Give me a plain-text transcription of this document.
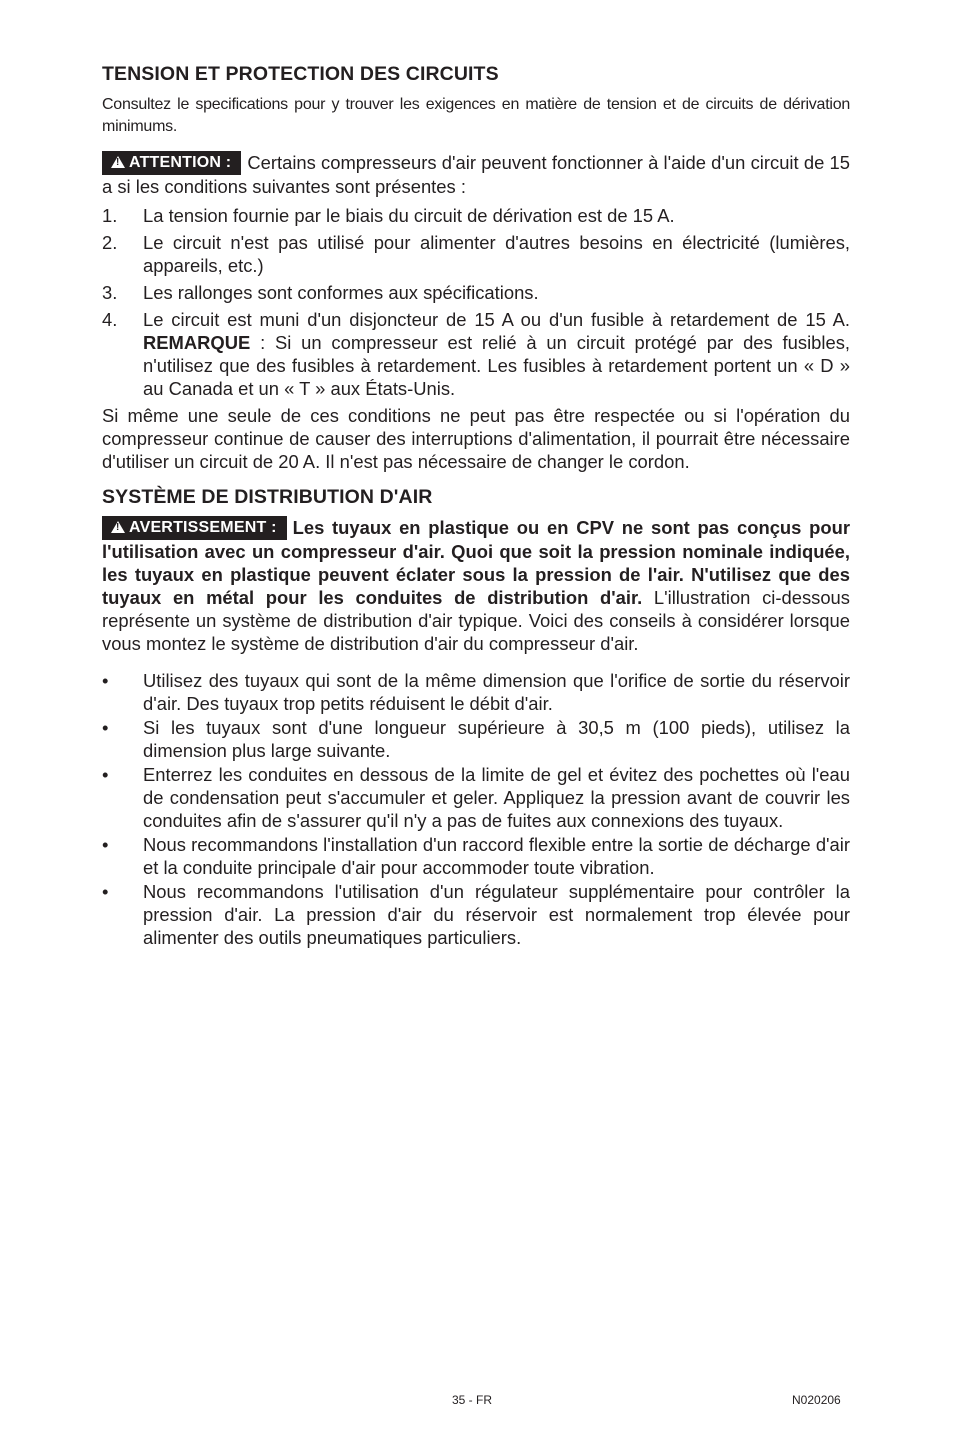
TENSION ET PROTECTION DES CIRCUITS

Consultez le specifications pour y trouver les exigences en matière de tension et de circuits de dérivation minimums.

!ATTENTION : Certains compresseurs d'air peuvent fonctionner à l'aide d'un circuit de 15 a si les conditions suivantes sont présentes :

1.	La tension fournie par le biais du circuit de dérivation est de 15 A.
2.	Le circuit n'est pas utilisé pour alimenter d'autres besoins en électricité (lumières, appareils, etc.)
3.	Les rallonges sont conformes aux spécifications.
4.	Le circuit est muni d'un disjoncteur de 15 A ou d'un fusible à retardement de 15 A. REMARQUE : Si un compresseur est relié à un circuit protégé par des fusibles, n'utilisez que des fusibles à retardement. Les fusibles à retardement portent un « D » au Canada et un « T » aux États-Unis.

Si même une seule de ces conditions ne peut pas être respectée ou si l'opération du compresseur continue de causer des interruptions d'alimentation, il pourrait être nécessaire d'utiliser un circuit de 20 A. Il n'est pas nécessaire de changer le cordon.

SYSTÈME DE DISTRIBUTION D'AIR

!AVERTISSEMENT : Les tuyaux en plastique ou en CPV ne sont pas conçus pour l'utilisation avec un compresseur d'air. Quoi que soit la pression nominale indiquée, les tuyaux en plastique peuvent éclater sous la pression de l'air. N'utilisez que des tuyaux en métal pour les conduites de distribution d'air. L'illustration ci-dessous représente un système de distribution d'air typique. Voici des conseils à considérer lorsque vous montez le système de distribution d'air du compresseur d'air.

•	Utilisez des tuyaux qui sont de la même dimension que l'orifice de sortie du réservoir d'air. Des tuyaux trop petits réduisent le débit d'air.
•	Si les tuyaux sont d'une longueur supérieure à 30,5 m (100 pieds), utilisez la dimension plus large suivante.
•	Enterrez les conduites en dessous de la limite de gel et évitez des pochettes où l'eau de condensation peut s'accumuler et geler. Appliquez la pression avant de couvrir les conduites afin de s'assurer qu'il n'y a pas de fuites aux connexions des tuyaux.
•	Nous recommandons l'installation d'un raccord flexible entre la sortie de décharge d'air et la conduite principale d'air pour accommoder toute vibration.
•	Nous recommandons l'utilisation d'un régulateur supplémentaire pour contrôler la pression d'air. La pression d'air du réservoir est normalement trop élevée pour alimenter des outils pneumatiques particuliers.
35 - FR	N020206
